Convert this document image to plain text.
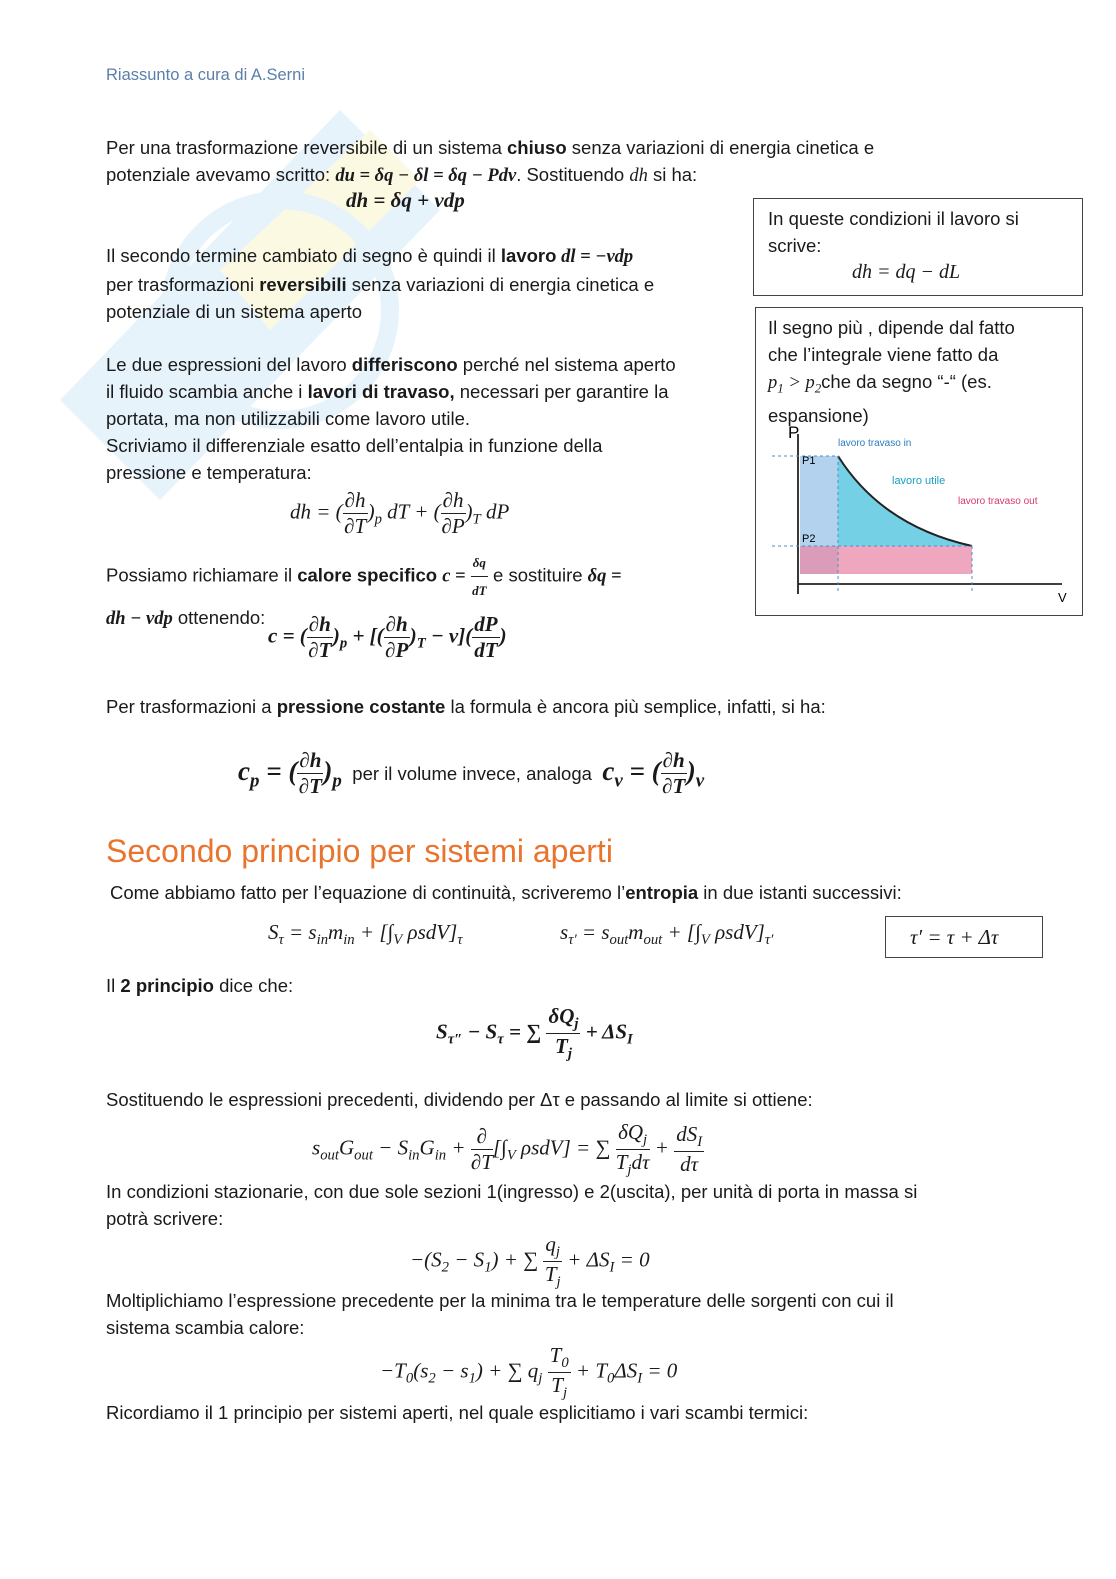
Riassunto a cura di A.Serni
Per una trasformazione reversibile di un sistema chiuso senza variazioni di energia cinetica e
potenziale avevamo scritto: du = δq − δl = δq − Pdv. Sostituendo dh si ha:
dh = δq + vdp
Il secondo termine cambiato di segno è quindi il lavoro dl = −vdp
per trasformazioni reversibili senza variazioni di energia cinetica e
potenziale di un sistema aperto
Le due espressioni del lavoro differiscono perché nel sistema aperto
il fluido scambia anche i lavori di travaso, necessari per garantire la
portata, ma non utilizzabili come lavoro utile.
Scriviamo il differenziale esatto dell’entalpia in funzione della
pressione e temperatura:
dh = ( $\frac{\partial h}{\partial T} )_p$ dT + ( $\frac{\partial h}{\partial P} )_T$ dP
Possiamo richiamare il calore specifico $c = \frac{\delta q}{dT}$ e sostituire δq =
dh − vdp ottenendo:
c = ( $\frac{\partial h}{\partial T} )_p$ + [( $\frac{\partial h}{\partial P} )_T - v]( \frac{dP}{dT}$ )
Per trasformazioni a pressione costante la formula è ancora più semplice, infatti, si ha:
$c_p$ = ( $\frac{\partial h}{\partial T} )_p$ per il volume invece, analoga $c_v$ = ( $\frac{\partial h}{\partial T} )_v$
In queste condizioni il lavoro si
scrive:
dh = dq − dL
Il segno più , dipende dal fatto
che l’integrale viene fatto da
$p_1 > p_2che$ da segno “-“ (es.
espansione)
P
V
P1
P2
lavoro travaso in
lavoro utile
lavoro travaso out
Secondo principio per sistemi aperti
Come abbiamo fatto per l’equazione di continuità, scriveremo l’entropia in due istanti successivi:
$S_\tau = s_{in}m_{in} + [\int_V$ $\rho sdV]_\tau$	$s_{\tau'} = s_{out}m_{out} + [\int_V$ $\rho sdV]_{\tau'}$	τ′ = τ + Δτ
Il 2 principio dice che:
$S_{\tau''} - S_\tau$ = ∑ $\frac{\delta Q_j}{T_j} + \Delta S_I$
Sostituendo le espressioni precedenti, dividendo per Δτ e passando al limite si ottiene:
$s_{out}G_{out} - S_{in}G_{in} + \frac{\partial}{\partial T} [\int_V$ ρsdV] = ∑ $\frac{\delta Q_j}{T_jd\tau} + \frac{dS_I}{d\tau}$
In condizioni stazionarie, con due sole sezioni 1(ingresso) e 2(uscita), per unità di porta in massa si
potrà scrivere:
$-(S_2 - S_1)$ + ∑ $\frac{q_j}{T_j} + \Delta S_I = 0$
Moltiplichiamo l’espressione precedente per la minima tra le temperature delle sorgenti con cui il
sistema scambia calore:
$-T_0(s_2 - s_1)$ + ∑ $q_j \frac{T_0}{T_j} + T_0\Delta S_I = 0$
Ricordiamo il 1 principio per sistemi aperti, nel quale esplicitiamo i vari scambi termici:
